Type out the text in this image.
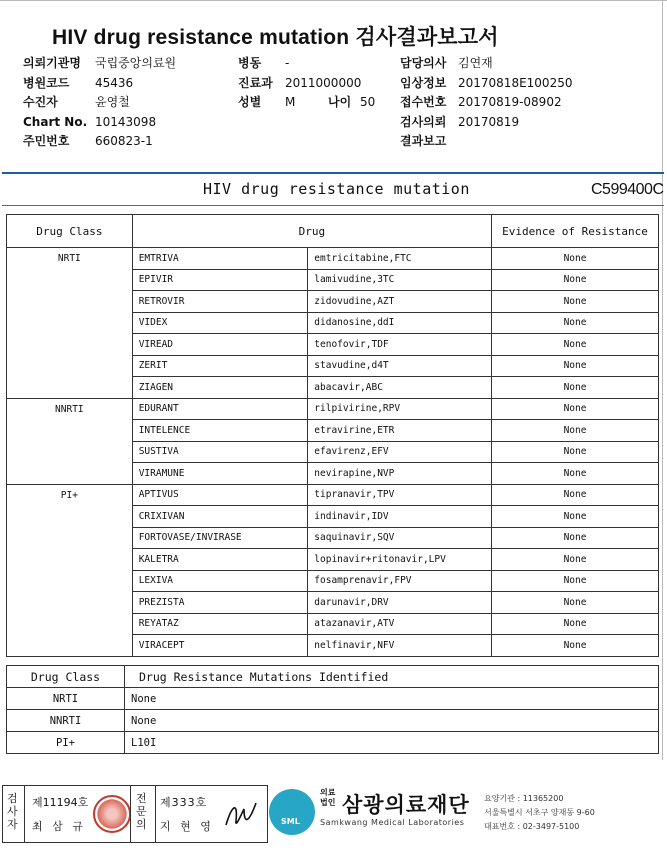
HIV drug resistance mutation 검사결과보고서
의뢰기관명 국립중앙의료원
병원코드 45436
수진자	윤영철
Chart No. 10143098
주민번호 660823-1
병동 -
진료과 2011000000
성별 M	나이 50
담당의사 김연재
임상정보 20170818E100250
접수번호 20170819-08902
검사의뢰 20170819
결과보고
HIV drug resistance mutation	C599400C
Drug Class	Drug		Evidence of Resistance
NRTI	EMTRIVA	emtricitabine,FTC	None
	EPIVIR	lamivudine,3TC	None
	RETROVIR	zidovudine,AZT	None
	VIDEX	didanosine,ddI	None
	VIREAD	tenofovir,TDF	None
	ZERIT	stavudine,d4T	None
	ZIAGEN	abacavir,ABC	None
NNRTI	EDURANT	rilpivirine,RPV	None
	INTELENCE	etravirine,ETR	None
	SUSTIVA	efavirenz,EFV	None
	VIRAMUNE	nevirapine,NVP	None
PI+	APTIVUS	tipranavir,TPV	None
	CRIXIVAN	indinavir,IDV	None
	FORTOVASE/INVIRASE	saquinavir,SQV	None
	KALETRA	lopinavir+ritonavir,LPV	None
	LEXIVA	fosamprenavir,FPV	None
	PREZISTA	darunavir,DRV	None
	REYATAZ	atazanavir,ATV	None
	VIRACEPT	nelfinavir,NFV	None
Drug Class	Drug Resistance Mutations Identified
NRTI	None
NNRTI	None
PI+	L10I
검사자
제11194호
최 삼 규
전문의
제333호
지 현 영	SML
의료
법인 삼광의료재단
Samkwang Medical Laboratories
요양기관 : 11365200
서울특별시 서초구 양재동 9-60
대표번호 : 02-3497-5100
